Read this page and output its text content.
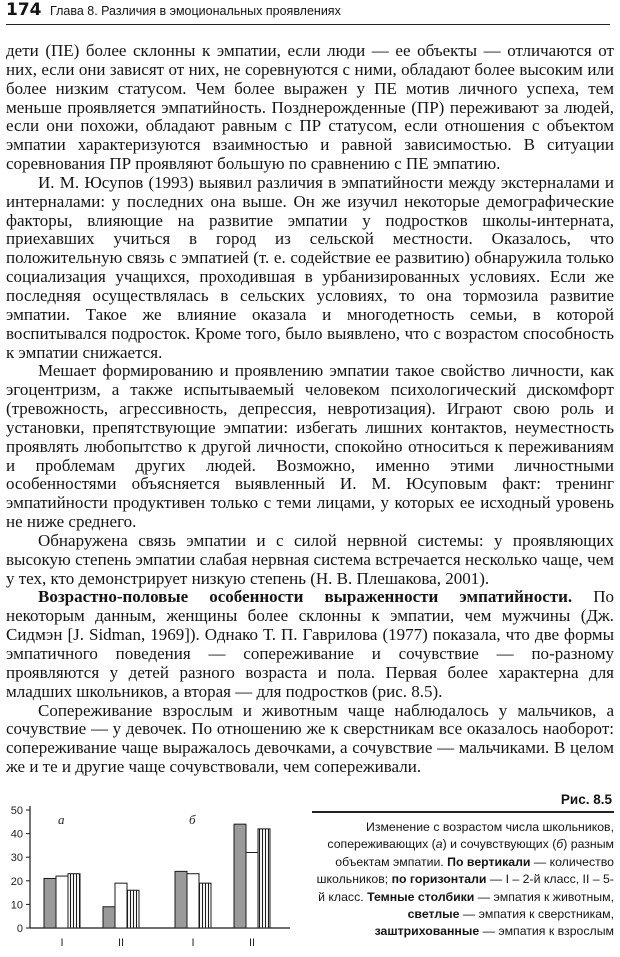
174 Глава 8. Различия в эмоциональных проявлениях

дети (ПЕ) более склонны к эмпатии, если люди — ее объекты — отличаются от них, если они зависят от них, не соревнуются с ними, обладают более высоким или более низким статусом. Чем более выражен у ПЕ мотив личного успеха, тем меньше проявляется эмпатийность. Позднерожденные (ПР) переживают за людей, если они похожи, обладают равным с ПР статусом, если отношения с объектом эмпатии характеризуются взаимностью и равной зависимостью. В ситуации соревнования ПР проявляют большую по сравнению с ПЕ эмпатию.

И. М. Юсупов (1993) выявил различия в эмпатийности между экстерналами и интерналами: у последних она выше. Он же изучил некоторые демографические факторы, влияющие на развитие эмпатии у подростков школы-интерната, приехавших учиться в город из сельской местности. Оказалось, что положительную связь с эмпатией (т. е. содействие ее развитию) обнаружила только социализация учащихся, проходившая в урбанизированных условиях. Если же последняя осуществлялась в сельских условиях, то она тормозила развитие эмпатии. Такое же влияние оказала и многодетность семьи, в которой воспитывался подросток. Кроме того, было выявлено, что с возрастом способность к эмпатии снижается.

Мешает формированию и проявлению эмпатии такое свойство личности, как эгоцентризм, а также испытываемый человеком психологический дискомфорт (тревожность, агрессивность, депрессия, невротизация). Играют свою роль и установки, препятствующие эмпатии: избегать лишних контактов, неуместность проявлять любопытство к другой личности, спокойно относиться к переживаниям и проблемам других людей. Возможно, именно этими личностными особенностями объясняется выявленный И. М. Юсуповым факт: тренинг эмпатийности продуктивен только с теми лицами, у которых ее исходный уровень не ниже среднего.

Обнаружена связь эмпатии и с силой нервной системы: у проявляющих высокую степень эмпатии слабая нервная система встречается несколько чаще, чем у тех, кто демонстрирует низкую степень (Н. В. Плешакова, 2001).

Возрастно-половые особенности выраженности эмпатийности. По некоторым данным, женщины более склонны к эмпатии, чем мужчины (Дж. Сидмэн [J. Sidman, 1969]). Однако Т. П. Гаврилова (1977) показала, что две формы эмпатичного поведения — сопереживание и сочувствие — по-разному проявляются у детей разного возраста и пола. Первая более характерна для младших школьников, а вторая — для подростков (рис. 8.5).

Сопереживание взрослым и животным чаще наблюдалось у мальчиков, а сочувствие — у девочек. По отношению же к сверстникам все оказалось наоборот: сопереживание чаще выражалось девочками, а сочувствие — мальчиками. В целом же и те и другие чаще сочувствовали, чем сопереживали.

0
10
20
30
40
50
I	II	I	II
а	б
Рис. 8.5
Изменение с возрастом числа школьников, сопереживающих (а) и сочувствующих (б) разным объектам эмпатии. По вертикали — количество школьников; по горизонтали — I – 2-й класс, II – 5-й класс. Темные столбики — эмпатия к животным, светлые — эмпатия к сверстникам, заштрихованные — эмпатия к взрослым
